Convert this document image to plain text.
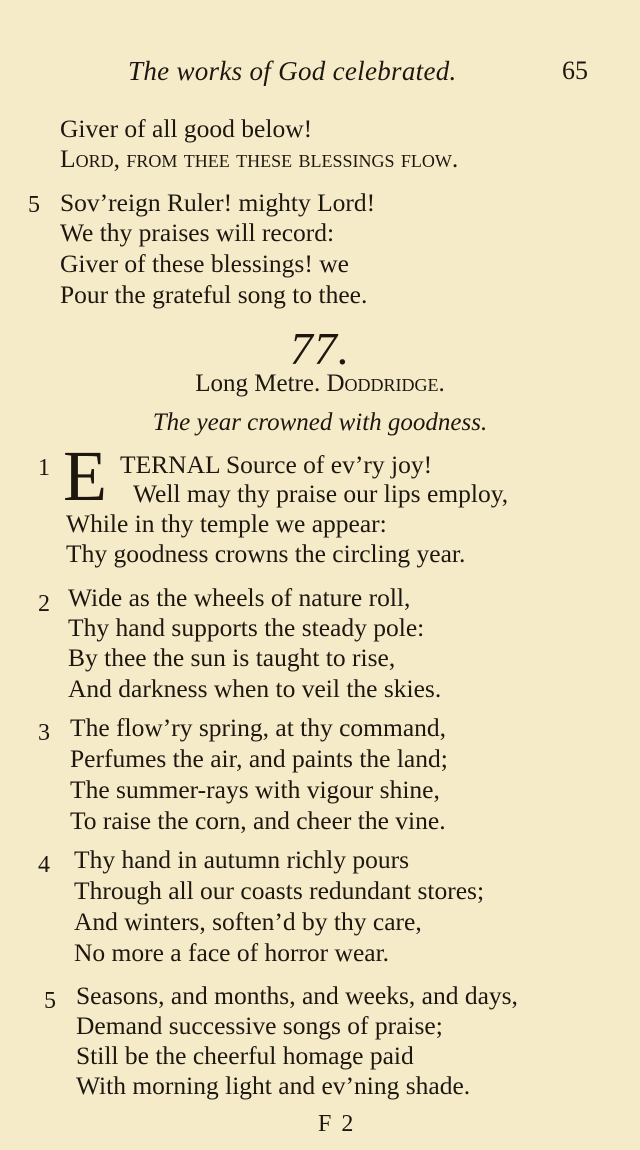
The works of God celebrated.	65
Giver of all good below!
Lord, from thee these blessings flow.
5 Sov’reign Ruler! mighty Lord!
We thy praises will record:
Giver of these blessings! we
Pour the grateful song to thee.
77.
Long Metre. Doddridge.
The year crowned with goodness.
1 E TERNAL Source of ev’ry joy!
Well may thy praise our lips employ,
While in thy temple we appear:
Thy goodness crowns the circling year.
2 Wide as the wheels of nature roll,
Thy hand supports the steady pole:
By thee the sun is taught to rise,
And darkness when to veil the skies.
3 The flow’ry spring, at thy command,
Perfumes the air, and paints the land;
The summer-rays with vigour shine,
To raise the corn, and cheer the vine.
4 Thy hand in autumn richly pours
Through all our coasts redundant stores;
And winters, soften’d by thy care,
No more a face of horror wear.
5 Seasons, and months, and weeks, and days,
Demand successive songs of praise;
Still be the cheerful homage paid
With morning light and ev’ning shade.
F 2
